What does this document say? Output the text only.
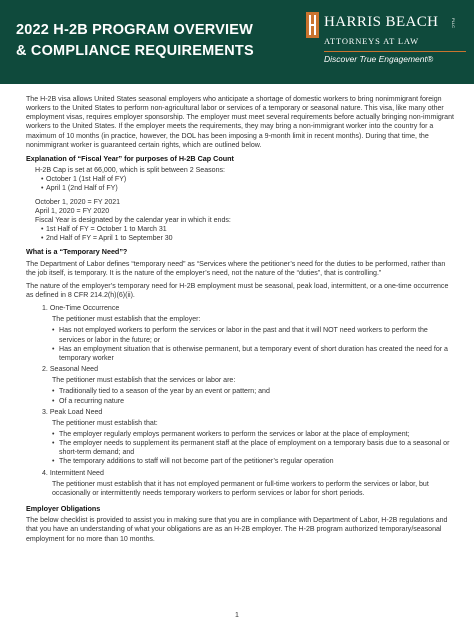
2022 H-2B PROGRAM OVERVIEW
& COMPLIANCE REQUIREMENTS
HARRIS BEACH	PLLC
ATTORNEYS AT LAW
Discover True Engagement®

The H-2B visa allows United States seasonal employers who anticipate a shortage of domestic workers to bring nonimmigrant foreign workers to the United States to perform non-agricultural labor or services of a temporary or seasonal nature. This visa, like many other employment visas, requires employer sponsorship. The employer must meet several requirements before actually bringing non-immigrant workers to the United States. If the employer meets the requirements, they may bring a non-immigrant worker into the country for a maximum of 10 months (in practice, however, the DOL has been imposing a 9-month limit in recent months). During that time, the nonimmigrant worker is guaranteed certain rights, which are outlined below.

Explanation of “Fiscal Year” for purposes of H-2B Cap Count

H-2B Cap is set at 66,000, which is split between 2 Seasons:

• October 1 (1st Half of FY)
• April 1 (2nd Half of FY)

October 1, 2020 = FY 2021

April 1, 2020 = FY 2020

Fiscal Year is designated by the calendar year in which it ends:

• 1st Half of FY = October 1 to March 31
• 2nd Half of FY = April 1 to September 30

What is a “Temporary Need”?

The Department of Labor defines “temporary need” as “Services where the petitioner’s need for the duties to be performed, rather than the job itself, is temporary. It is the nature of the employer’s need, not the nature of the “duties”, that is controlling.”

The nature of the employer’s temporary need for H-2B employment must be seasonal, peak load, intermittent, or a one-time occurrence as defined in 8 CFR 214.2(h)(6)(ii).

1. One-Time Occurrence

The petitioner must establish that the employer:

• Has not employed workers to perform the services or labor in the past and that it will NOT need workers to perform the services or labor in the future; or
• Has an employment situation that is otherwise permanent, but a temporary event of short duration has created the need for a temporary worker

2. Seasonal Need

The petitioner must establish that the services or labor are:

• Traditionally tied to a season of the year by an event or pattern; and
• Of a recurring nature

3. Peak Load Need

The petitioner must establish that:

• The employer regularly employs permanent workers to perform the services or labor at the place of employment;
• The employer needs to supplement its permanent staff at the place of employment on a temporary basis due to a seasonal or short-term demand; and
• The temporary additions to staff will not become part of the petitioner’s regular operation

4. Intermittent Need

The petitioner must establish that it has not employed permanent or full-time workers to perform the services or labor, but occasionally or intermittently needs temporary workers to perform services or labor for short periods.

Employer Obligations

The below checklist is provided to assist you in making sure that you are in compliance with Department of Labor, H-2B regulations and that you have an understanding of what your obligations are as an H-2B employer. The H-2B program authorized temporary/seasonal employment for no more than 10 months.

1
